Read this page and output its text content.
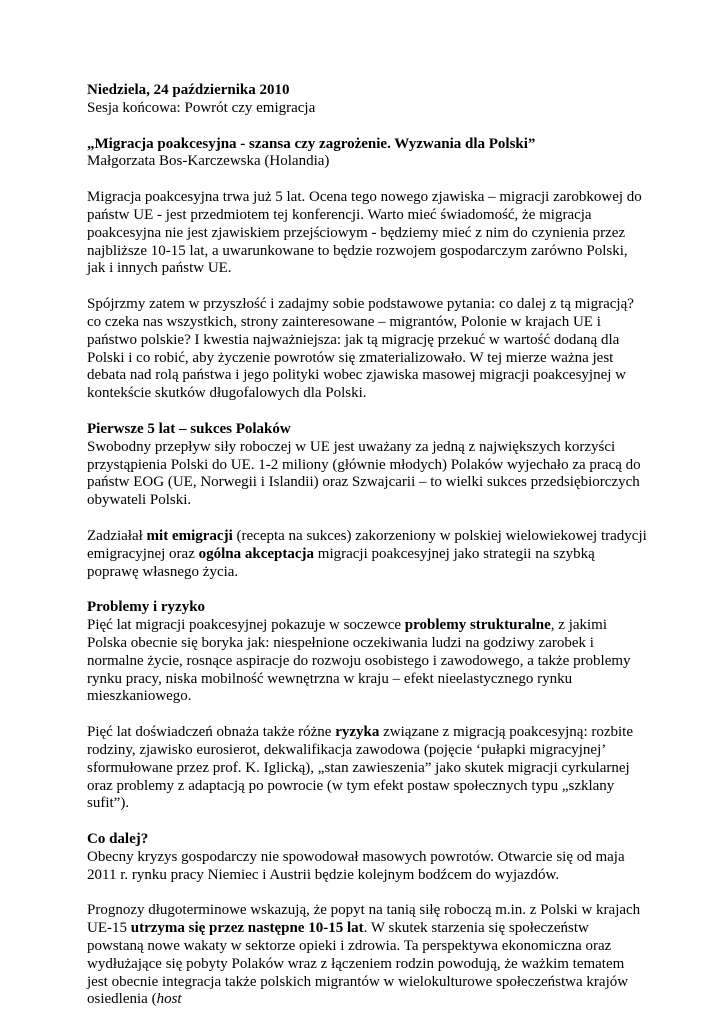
Niedziela, 24 października 2010
Sesja końcowa: Powrót czy emigracja
„Migracja poakcesyjna - szansa czy zagrożenie. Wyzwania dla Polski”
Małgorzata Bos-Karczewska (Holandia)

Migracja poakcesyjna trwa już 5 lat. Ocena tego nowego zjawiska – migracji zarobkowej do państw UE - jest przedmiotem tej konferencji. Warto mieć świadomość, że migracja poakcesyjna nie jest zjawiskiem przejściowym - będziemy mieć z nim do czynienia przez najbliższe 10-15 lat, a uwarunkowane to będzie rozwojem gospodarczym zarówno Polski, jak i innych państw UE.

Spójrzmy zatem w przyszłość i zadajmy sobie podstawowe pytania: co dalej z tą migracją? co czeka nas wszystkich, strony zainteresowane – migrantów, Polonie w krajach UE i państwo polskie? I kwestia najważniejsza: jak tą migrację przekuć w wartość dodaną dla Polski i co robić, aby życzenie powrotów się zmaterializowało. W tej mierze ważna jest debata nad rolą państwa i jego polityki wobec zjawiska masowej migracji poakcesyjnej w kontekście skutków długofalowych dla Polski.

Pierwsze 5 lat – sukces Polaków

Swobodny przepływ siły roboczej w UE jest uważany za jedną z największych korzyści przystąpienia Polski do UE. 1-2 miliony (głównie młodych) Polaków wyjechało za pracą do państw EOG (UE, Norwegii i Islandii) oraz Szwajcarii – to wielki sukces przedsiębiorczych obywateli Polski.

Zadziałał mit emigracji (recepta na sukces) zakorzeniony w polskiej wielowiekowej tradycji emigracyjnej oraz ogólna akceptacja migracji poakcesyjnej jako strategii na szybką poprawę własnego życia.

Problemy i ryzyko

Pięć lat migracji poakcesyjnej pokazuje w soczewce problemy strukturalne, z jakimi Polska obecnie się boryka jak: niespełnione oczekiwania ludzi na godziwy zarobek i normalne życie, rosnące aspiracje do rozwoju osobistego i zawodowego, a także problemy rynku pracy, niska mobilność wewnętrzna w kraju – efekt nieelastycznego rynku mieszkaniowego.

Pięć lat doświadczeń obnaża także różne ryzyka związane z migracją poakcesyjną: rozbite rodziny, zjawisko eurosierot, dekwalifikacja zawodowa (pojęcie ‘pułapki migracyjnej’ sformułowane przez prof. K. Iglicką), „stan zawieszenia” jako skutek migracji cyrkularnej oraz problemy z adaptacją po powrocie (w tym efekt postaw społecznych typu „szklany sufit”).

Co dalej?

Obecny kryzys gospodarczy nie spowodował masowych powrotów. Otwarcie się od maja 2011 r. rynku pracy Niemiec i Austrii będzie kolejnym bodźcem do wyjazdów.

Prognozy długoterminowe wskazują, że popyt na tanią siłę roboczą m.in. z Polski w krajach UE-15 utrzyma się przez następne 10-15 lat. W skutek starzenia się społeczeństw powstaną nowe wakaty w sektorze opieki i zdrowia. Ta perspektywa ekonomiczna oraz wydłużające się pobyty Polaków wraz z łączeniem rodzin powodują, że ważkim tematem jest obecnie integracja także polskich migrantów w wielokulturowe społeczeństwa krajów osiedlenia (host
